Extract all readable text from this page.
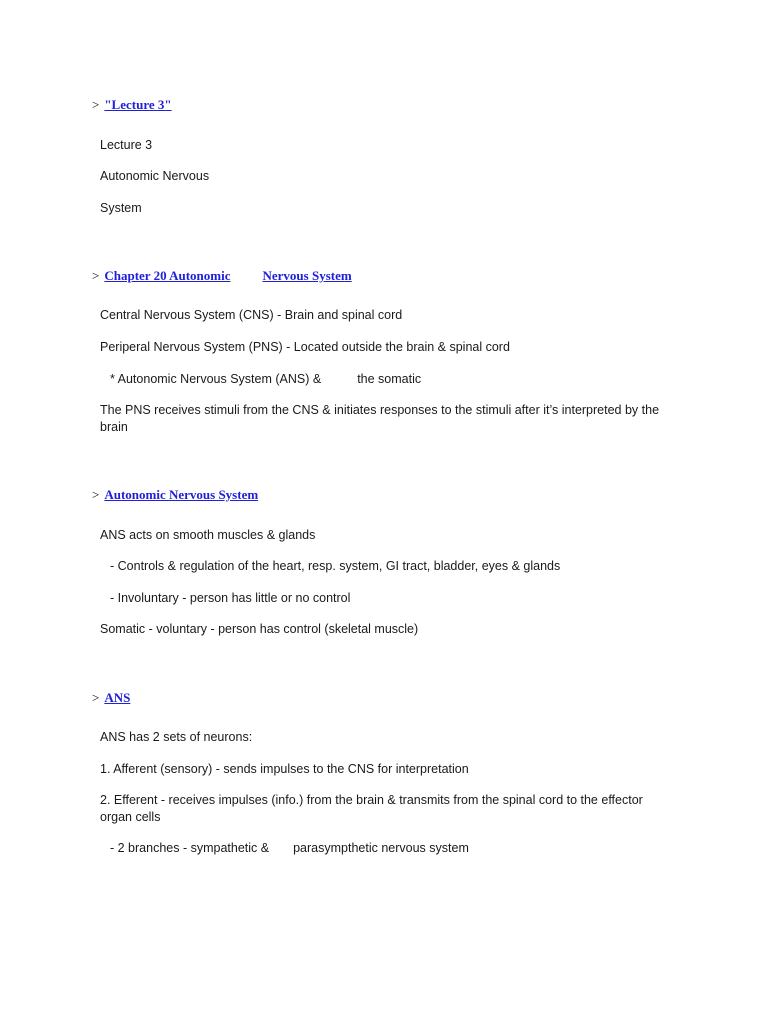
> "Lecture 3"
Lecture 3
Autonomic Nervous
System
> Chapter 20 Autonomic Nervous System
Central Nervous System (CNS) - Brain and spinal cord
Periperal Nervous System (PNS) - Located outside the brain & spinal cord
* Autonomic Nervous System (ANS) &	the somatic
The PNS receives stimuli from the CNS & initiates responses to the stimuli after it’s interpreted by the brain
> Autonomic Nervous System
ANS acts on smooth muscles & glands
- Controls & regulation of the heart, resp. system, GI tract, bladder, eyes & glands
- Involuntary - person has little or no control
Somatic - voluntary - person has control (skeletal muscle)
> ANS
ANS has 2 sets of neurons:
1. Afferent (sensory) - sends impulses to the CNS for interpretation
2. Efferent - receives impulses (info.) from the brain & transmits from the spinal cord to the effector organ cells
- 2 branches - sympathetic & parasympthetic nervous system
